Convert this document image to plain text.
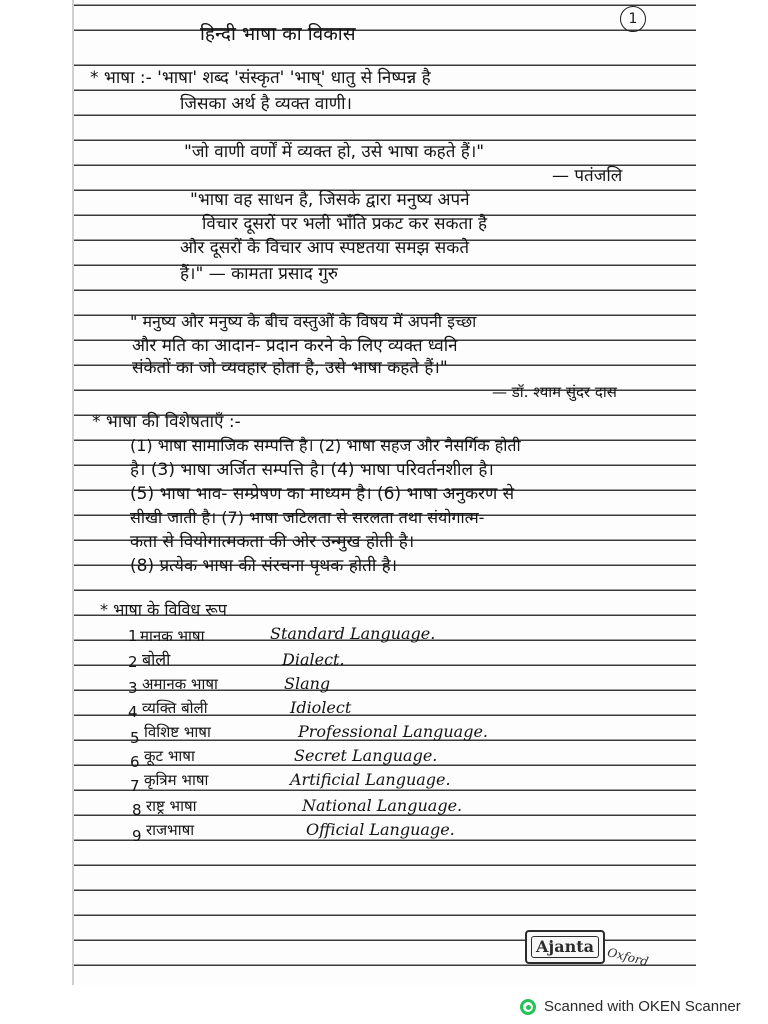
1
हिन्दी भाषा का विकास
* भाषा :- 'भाषा' शब्द 'संस्कृत' 'भाष्' धातु से निष्पन्न है
जिसका अर्थ है व्यक्त वाणी।
"जो वाणी वर्णों में व्यक्त हो, उसे भाषा कहते हैं।"
— पतंजलि
"भाषा वह साधन है, जिसके द्वारा मनुष्य अपने
विचार दूसरों पर भली भाँति प्रकट कर सकता है
और दूसरों के विचार आप स्पष्टतया समझ सकते
हैं।" — कामता प्रसाद गुरु
" मनुष्य और मनुष्य के बीच वस्तुओं के विषय में अपनी इच्छा
और मति का आदान- प्रदान करने के लिए व्यक्त ध्वनि
संकेतों का जो व्यवहार होता है, उसे भाषा कहते हैं।"
— डॉ. श्याम सुंदर दास
* भाषा की विशेषताएँ :-
(1) भाषा सामाजिक सम्पत्ति है। (2) भाषा सहज और नैसर्गिक होती
है। (3) भाषा अर्जित सम्पत्ति है। (4) भाषा परिवर्तनशील है।
(5) भाषा भाव- सम्प्रेषण का माध्यम है। (6) भाषा अनुकरण से
सीखी जाती है। (7) भाषा जटिलता से सरलता तथा संयोगात्म-
कता से वियोगात्मकता की ओर उन्मुख होती है।
(8) प्रत्येक भाषा की संरचना पृथक होती है।
* भाषा के विविध रूप
1 मानक भाषा	Standard Language.
2 बोली	Dialect.
3 अमानक भाषा	Slang
4 व्यक्ति बोली	Idiolect
5 विशिष्ट भाषा	Professional Language.
6 कूट भाषा	Secret Language.
7 कृत्रिम भाषा	Artificial Language.
8 राष्ट्र भाषा	National Language.
9 राजभाषा	Official Language.
Ajanta Oxford
Scanned with OKEN Scanner
